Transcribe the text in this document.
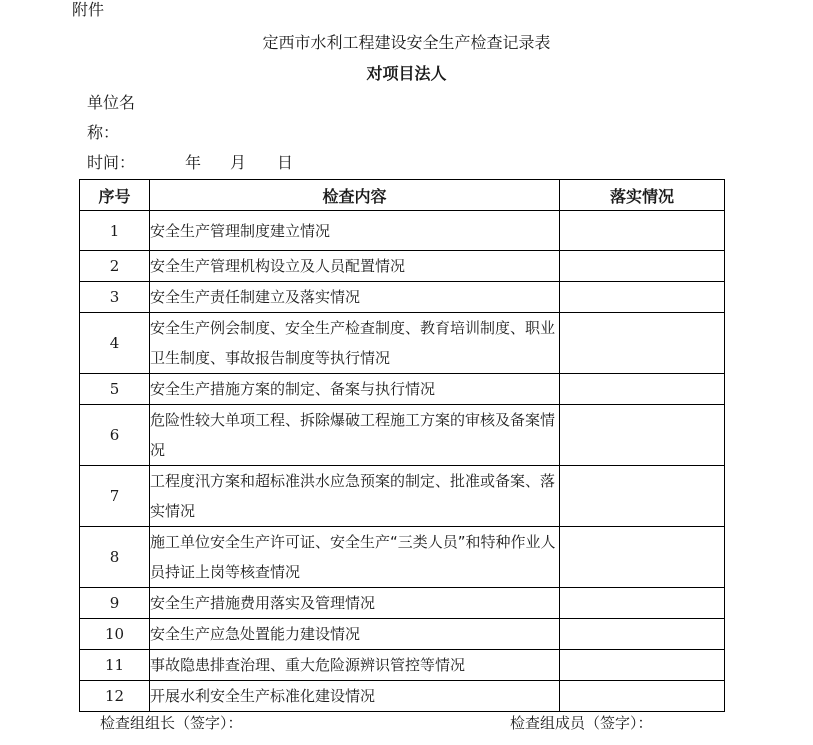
附件
定西市水利工程建设安全生产检查记录表
对项目法人
单位名
称：
时间：	年 月 日
序号	检查内容	落实情况
1	安全生产管理制度建立情况	
2	安全生产管理机构设立及人员配置情况	
3	安全生产责任制建立及落实情况	
4	安全生产例会制度、安全生产检查制度、教育培训制度、职业卫生制度、事故报告制度等执行情况	
5	安全生产措施方案的制定、备案与执行情况	
6	危险性较大单项工程、拆除爆破工程施工方案的审核及备案情况	
7	工程度汛方案和超标准洪水应急预案的制定、批准或备案、落实情况	
8	施工单位安全生产许可证、安全生产“三类人员”和特种作业人员持证上岗等核查情况	
9	安全生产措施费用落实及管理情况	
10	安全生产应急处置能力建设情况	
11	事故隐患排查治理、重大危险源辨识管控等情况	
12	开展水利安全生产标准化建设情况	
检查组组长（签字）：	检查组成员（签字）：
